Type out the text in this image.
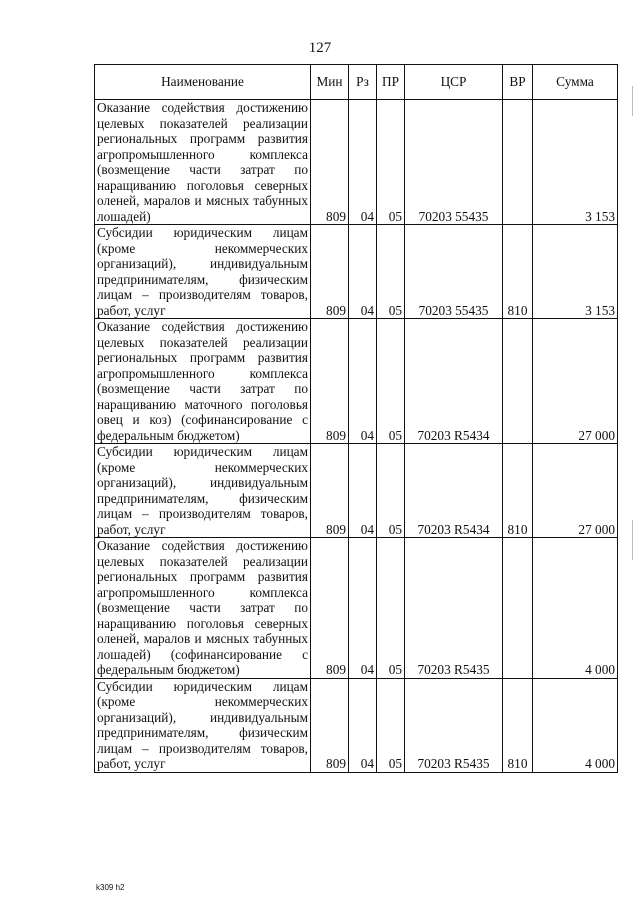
127
Наименование	Мин	Рз	ПР	ЦСР	ВР	Сумма
Оказание содействия достижению целевых показателей реализации региональных программ развития агропромышленного комплекса (возмещение части затрат по наращиванию поголовья северных оленей, маралов и мясных табунных лошадей)	809	04	05	70203 55435		3 153
Субсидии юридическим лицам (кроме некоммерческих организаций), индивидуальным предпринимателям, физическим лицам – производителям товаров, работ, услуг	809	04	05	70203 55435	810	3 153
Оказание содействия достижению целевых показателей реализации региональных программ развития агропромышленного комплекса (возмещение части затрат по наращиванию маточного поголовья овец и коз) (софинансирование с федеральным бюджетом)	809	04	05	70203 R5434		27 000
Субсидии юридическим лицам (кроме некоммерческих организаций), индивидуальным предпринимателям, физическим лицам – производителям товаров, работ, услуг	809	04	05	70203 R5434	810	27 000
Оказание содействия достижению целевых показателей реализации региональных программ развития агропромышленного комплекса (возмещение части затрат по наращиванию поголовья северных оленей, маралов и мясных табунных лошадей) (софинансирование с федеральным бюджетом)	809	04	05	70203 R5435		4 000
Субсидии юридическим лицам (кроме некоммерческих организаций), индивидуальным предпринимателям, физическим лицам – производителям товаров, работ, услуг	809	04	05	70203 R5435	810	4 000
k309 h2
